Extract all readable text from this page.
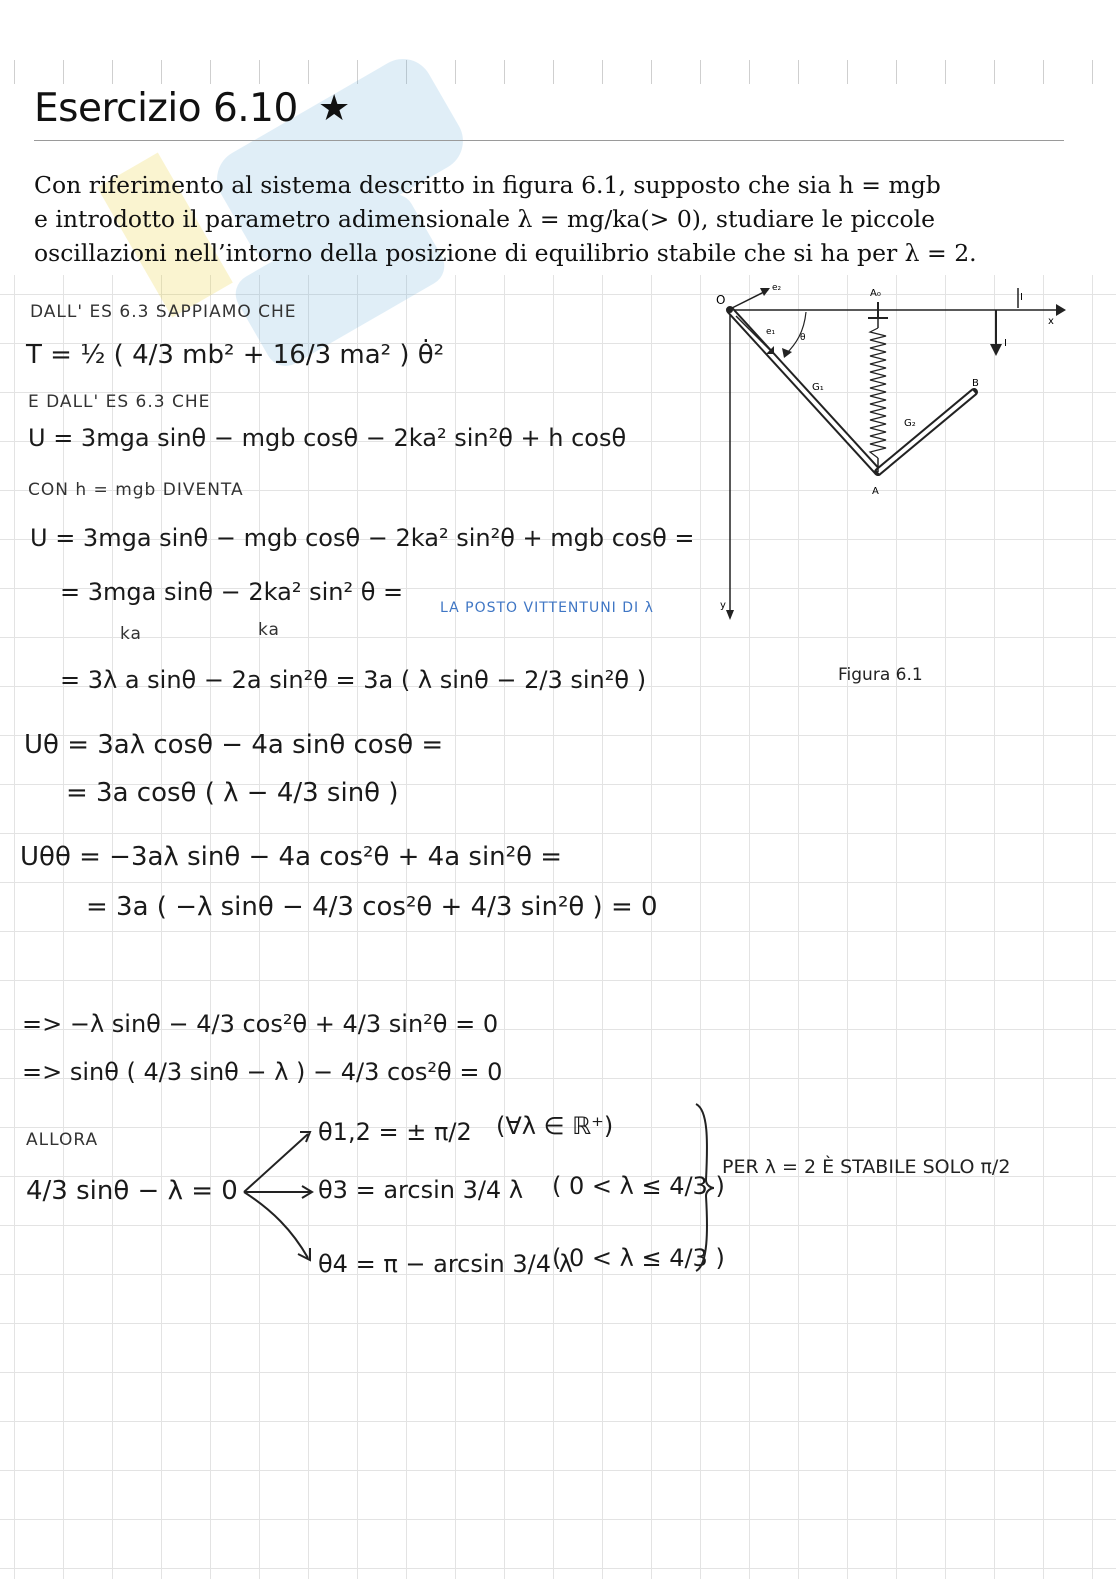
Esercizio 6.10 ★
Con riferimento al sistema descritto in figura 6.1, supposto che sia h = mgb
e introdotto il parametro adimensionale λ = mg/ka(> 0), studiare le piccole
oscillazioni nell’intorno della posizione di equilibrio stabile che si ha per λ = 2.
DALL' ES 6.3 SAPPIAMO CHE
T = ½ ( 4/3 mb² + 16/3 ma² ) θ̇²
E DALL' ES 6.3 CHE
U = 3mga sinθ − mgb cosθ − 2ka² sin²θ + h cosθ
CON h = mgb DIVENTA
U = 3mga sinθ − mgb cosθ − 2ka² sin²θ + mgb cosθ =
= 3mga sinθ − 2ka² sin² θ =
ka	ka
LA POSTO VITTENTUNI DI λ
= 3λ a sinθ − 2a sin²θ = 3a ( λ sinθ − 2/3 sin²θ )
Uθ = 3aλ cosθ − 4a sinθ cosθ =
= 3a cosθ ( λ − 4/3 sinθ )
Uθθ = −3aλ sinθ − 4a cos²θ + 4a sin²θ =
= 3a ( −λ sinθ − 4/3 cos²θ + 4/3 sin²θ ) = 0
=> −λ sinθ − 4/3 cos²θ + 4/3 sin²θ = 0
=> sinθ ( 4/3 sinθ − λ ) − 4/3 cos²θ = 0
ALLORA
4/3 sinθ − λ = 0
θ1,2 = ± π/2 (∀λ ∈ ℝ⁺)
θ3 = arcsin 3/4 λ ( 0 < λ ≤ 4/3 )
θ4 = π − arcsin 3/4 λ
( 0 < λ ≤ 4/3 )
PER λ = 2 È STABILE SOLO π/2
O
e₂
e₁
θ
A₀	I
x
I
G₁	B
G₂
A
y
Figura 6.1
